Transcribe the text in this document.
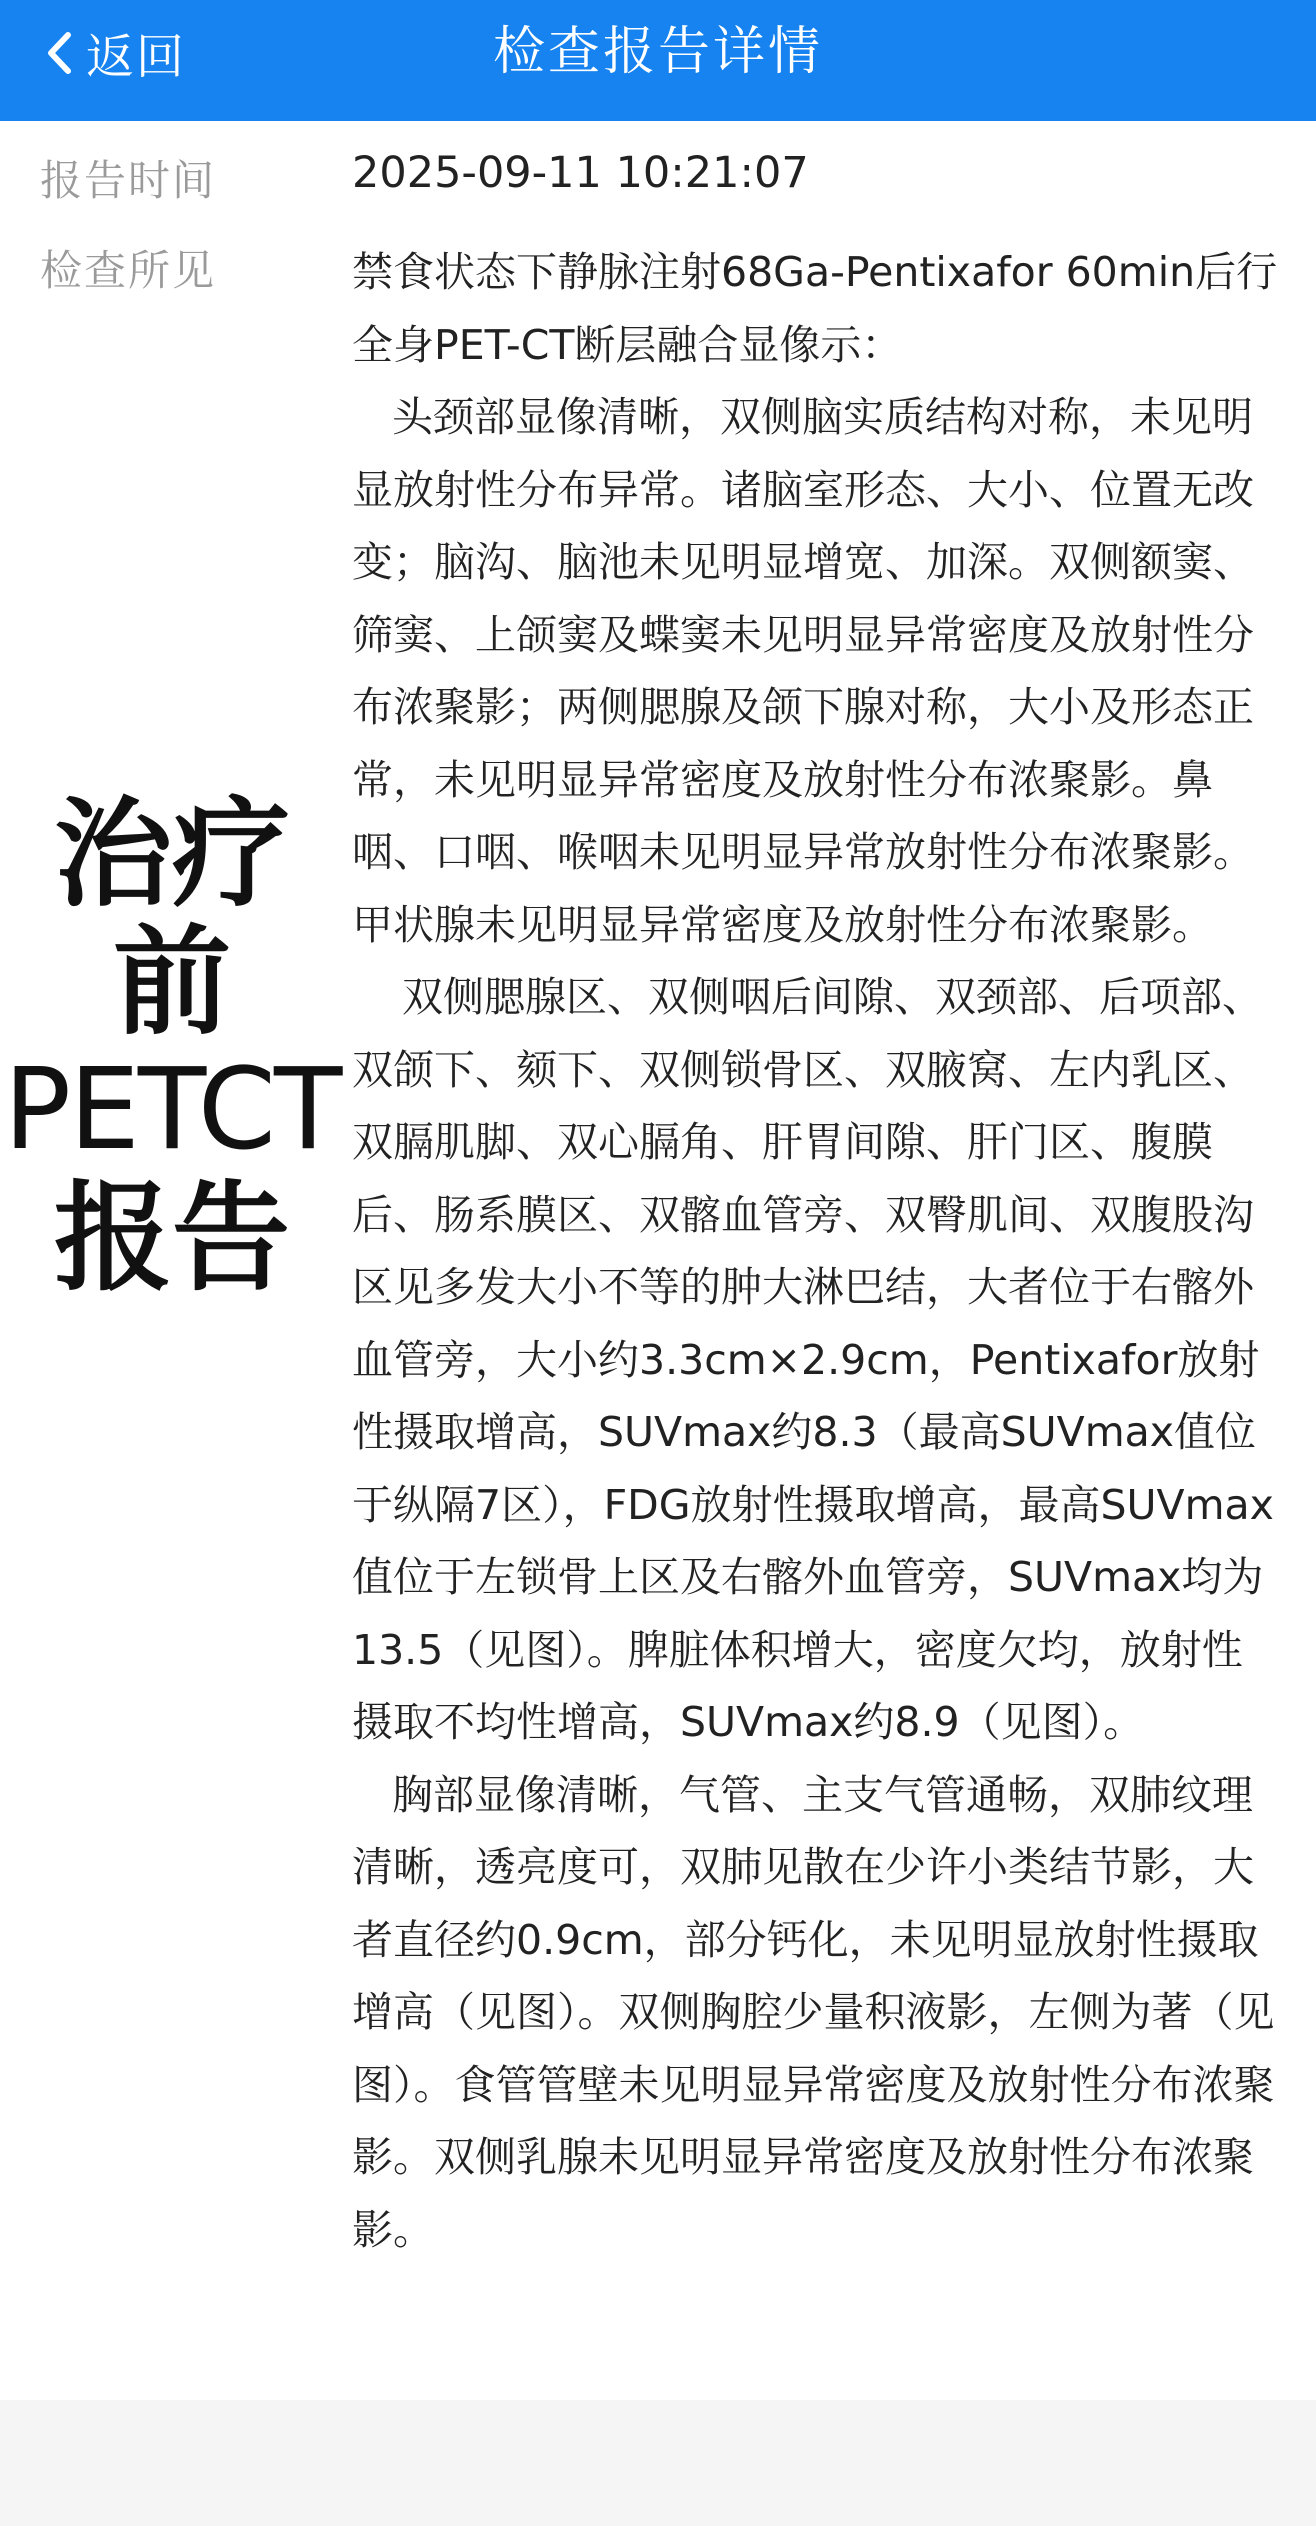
返回	检查报告详情
报告时间	2025-09-11 10:21:07
检查所见	禁食状态下静脉注射68Ga-Pentixafor 60min后行全身PET-CT断层融合显像示：

头颈部显像清晰，双侧脑实质结构对称，未见明显放射性分布异常。诸脑室形态、大小、位置无改变；脑沟、脑池未见明显增宽、加深。双侧额窦、筛窦、上颌窦及蝶窦未见明显异常密度及放射性分布浓聚影；两侧腮腺及颌下腺对称，大小及形态正常，未见明显异常密度及放射性分布浓聚影。鼻咽、口咽、喉咽未见明显异常放射性分布浓聚影。甲状腺未见明显异常密度及放射性分布浓聚影。

双侧腮腺区、双侧咽后间隙、双颈部、后项部、双颌下、颏下、双侧锁骨区、双腋窝、左内乳区、双膈肌脚、双心膈角、肝胃间隙、肝门区、腹膜后、肠系膜区、双髂血管旁、双臀肌间、双腹股沟区见多发大小不等的肿大淋巴结，大者位于右髂外血管旁，大小约3.3cm×2.9cm，Pentixafor放射性摄取增高，SUVmax约8.3（最高SUVmax值位于纵隔7区），FDG放射性摄取增高，最高SUVmax值位于左锁骨上区及右髂外血管旁，SUVmax均为13.5（见图）。脾脏体积增大，密度欠均，放射性摄取不均性增高，SUVmax约8.9（见图）。

胸部显像清晰，气管、主支气管通畅，双肺纹理清晰，透亮度可，双肺见散在少许小类结节影，大者直径约0.9cm，部分钙化，未见明显放射性摄取增高（见图）。双侧胸腔少量积液影，左侧为著（见图）。食管管壁未见明显异常密度及放射性分布浓聚影。双侧乳腺未见明显异常密度及放射性分布浓聚影。

治疗前
PETCT
报告
